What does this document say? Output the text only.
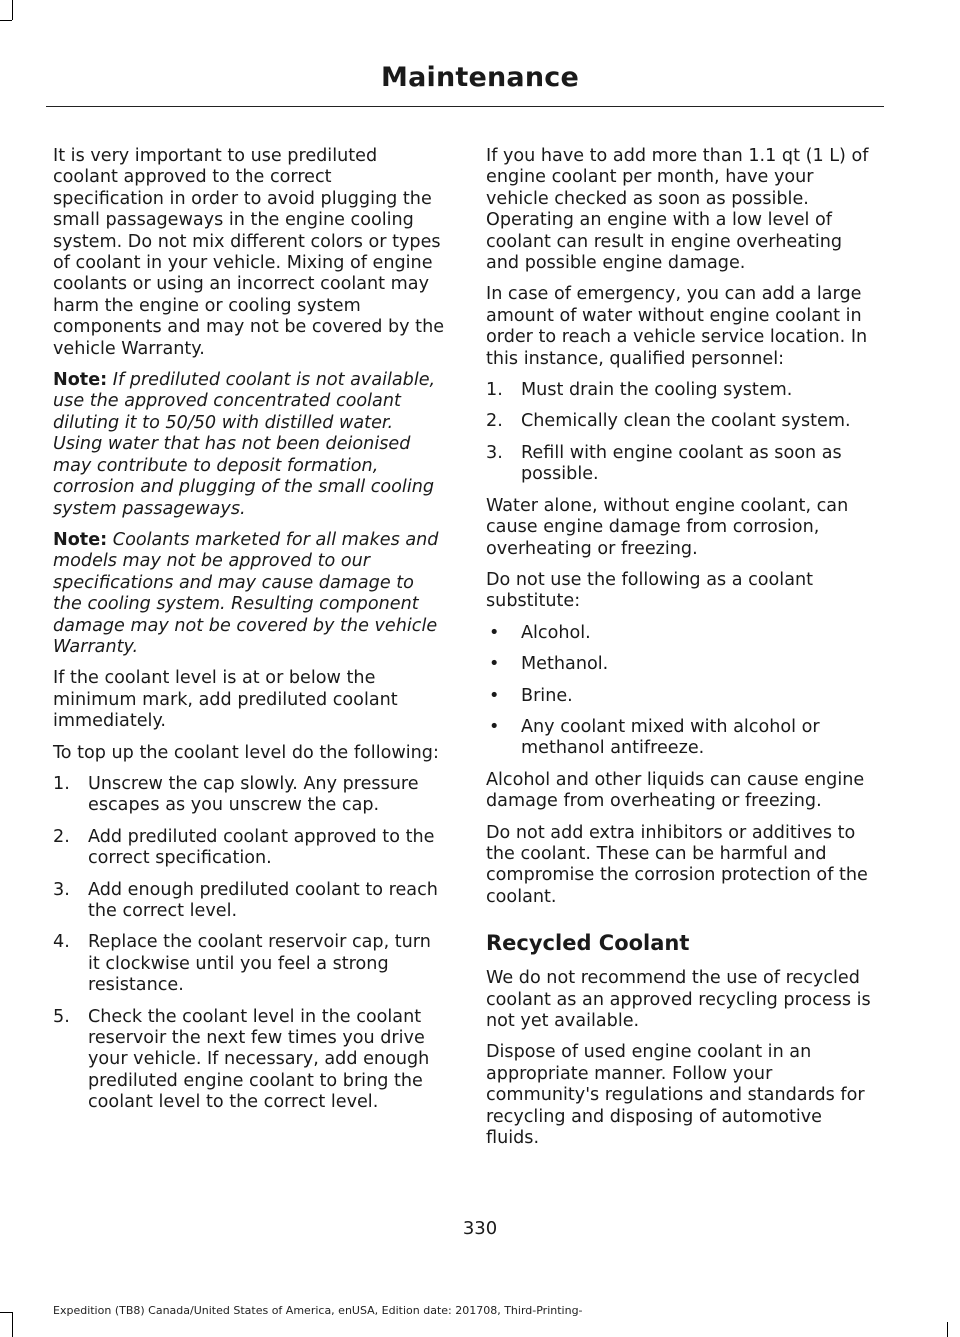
Maintenance

It is very important to use prediluted coolant approved to the correct specification in order to avoid plugging the small passageways in the engine cooling system. Do not mix different colors or types of coolant in your vehicle. Mixing of engine coolants or using an incorrect coolant may harm the engine or cooling system components and may not be covered by the vehicle Warranty.

Note: If prediluted coolant is not available, use the approved concentrated coolant diluting it to 50/50 with distilled water. Using water that has not been deionised may contribute to deposit formation, corrosion and plugging of the small cooling system passageways.

Note: Coolants marketed for all makes and models may not be approved to our specifications and may cause damage to the cooling system. Resulting component damage may not be covered by the vehicle Warranty.

If the coolant level is at or below the minimum mark, add prediluted coolant immediately.

To top up the coolant level do the following:

1. Unscrew the cap slowly. Any pressure escapes as you unscrew the cap.
2. Add prediluted coolant approved to the correct specification.
3. Add enough prediluted coolant to reach the correct level.
4. Replace the coolant reservoir cap, turn it clockwise until you feel a strong resistance.
5. Check the coolant level in the coolant reservoir the next few times you drive your vehicle. If necessary, add enough prediluted engine coolant to bring the coolant level to the correct level.

If you have to add more than 1.1 qt (1 L) of engine coolant per month, have your vehicle checked as soon as possible. Operating an engine with a low level of coolant can result in engine overheating and possible engine damage.

In case of emergency, you can add a large amount of water without engine coolant in order to reach a vehicle service location. In this instance, qualified personnel:

1. Must drain the cooling system.
2. Chemically clean the coolant system.
3. Refill with engine coolant as soon as possible.

Water alone, without engine coolant, can cause engine damage from corrosion, overheating or freezing.

Do not use the following as a coolant substitute:

• Alcohol.
• Methanol.
• Brine.
• Any coolant mixed with alcohol or methanol antifreeze.

Alcohol and other liquids can cause engine damage from overheating or freezing.

Do not add extra inhibitors or additives to the coolant. These can be harmful and compromise the corrosion protection of the coolant.

Recycled Coolant

We do not recommend the use of recycled coolant as an approved recycling process is not yet available.

Dispose of used engine coolant in an appropriate manner. Follow your community's regulations and standards for recycling and disposing of automotive fluids.

330
Expedition (TB8) Canada/United States of America, enUSA, Edition date: 201708, Third-Printing-
